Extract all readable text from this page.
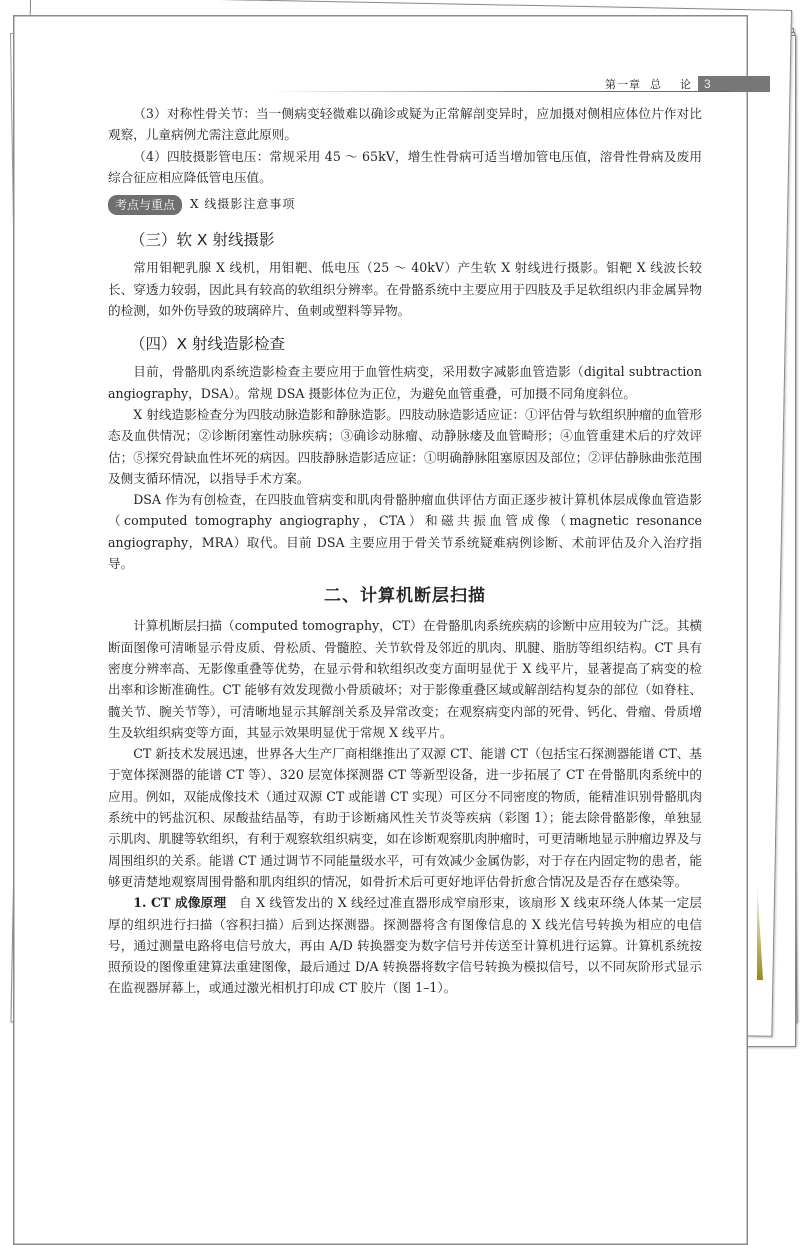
第一章  总    论	3

（3）对称性骨关节：当一侧病变轻微难以确诊或疑为正常解剖变异时，应加摄对侧相应体位片作对比观察，儿童病例尤需注意此原则。

（4）四肢摄影管电压：常规采用 45 ～ 65kV，增生性骨病可适当增加管电压值，溶骨性骨病及废用综合征应相应降低管电压值。

考点与重点	X 线摄影注意事项
（三）软 X 射线摄影

常用钼靶乳腺 X 线机，用钼靶、低电压（25 ～ 40kV）产生软 X 射线进行摄影。钼靶 X 线波长较长、穿透力较弱，因此具有较高的软组织分辨率。在骨骼系统中主要应用于四肢及手足软组织内非金属异物的检测，如外伤导致的玻璃碎片、鱼刺或塑料等异物。

（四）X 射线造影检查

目前，骨骼肌肉系统造影检查主要应用于血管性病变，采用数字减影血管造影（digital subtraction angiography，DSA）。常规 DSA 摄影体位为正位，为避免血管重叠，可加摄不同角度斜位。

X 射线造影检查分为四肢动脉造影和静脉造影。四肢动脉造影适应证：①评估骨与软组织肿瘤的血管形态及血供情况；②诊断闭塞性动脉疾病；③确诊动脉瘤、动静脉瘘及血管畸形；④血管重建术后的疗效评估；⑤探究骨缺血性坏死的病因。四肢静脉造影适应证：①明确静脉阻塞原因及部位；②评估静脉曲张范围及侧支循环情况，以指导手术方案。

DSA 作为有创检查，在四肢血管病变和肌肉骨骼肿瘤血供评估方面正逐步被计算机体层成像血管造影（computed tomography angiography，CTA）和磁共振血管成像（magnetic resonance angiography，MRA）取代。目前 DSA 主要应用于骨关节系统疑难病例诊断、术前评估及介入治疗指导。

二、计算机断层扫描

计算机断层扫描（computed tomography，CT）在骨骼肌肉系统疾病的诊断中应用较为广泛。其横断面图像可清晰显示骨皮质、骨松质、骨髓腔、关节软骨及邻近的肌肉、肌腱、脂肪等组织结构。CT 具有密度分辨率高、无影像重叠等优势，在显示骨和软组织改变方面明显优于 X 线平片，显著提高了病变的检出率和诊断准确性。CT 能够有效发现微小骨质破坏；对于影像重叠区域或解剖结构复杂的部位（如脊柱、髋关节、腕关节等），可清晰地显示其解剖关系及异常改变；在观察病变内部的死骨、钙化、骨瘤、骨质增生及软组织病变等方面，其显示效果明显优于常规 X 线平片。

CT 新技术发展迅速，世界各大生产厂商相继推出了双源 CT、能谱 CT（包括宝石探测器能谱 CT、基于宽体探测器的能谱 CT 等）、320 层宽体探测器 CT 等新型设备，进一步拓展了 CT 在骨骼肌肉系统中的应用。例如，双能成像技术（通过双源 CT 或能谱 CT 实现）可区分不同密度的物质，能精准识别骨骼肌肉系统中的钙盐沉积、尿酸盐结晶等，有助于诊断痛风性关节炎等疾病（彩图 1）；能去除骨骼影像，单独显示肌肉、肌腱等软组织，有利于观察软组织病变，如在诊断观察肌肉肿瘤时，可更清晰地显示肿瘤边界及与周围组织的关系。能谱 CT 通过调节不同能量级水平，可有效减少金属伪影，对于存在内固定物的患者，能够更清楚地观察周围骨骼和肌肉组织的情况，如骨折术后可更好地评估骨折愈合情况及是否存在感染等。

1. CT 成像原理 自 X 线管发出的 X 线经过准直器形成窄扇形束，该扇形 X 线束环绕人体某一定层厚的组织进行扫描（容积扫描）后到达探测器。探测器将含有图像信息的 X 线光信号转换为相应的电信号，通过测量电路将电信号放大，再由 A/D 转换器变为数字信号并传送至计算机进行运算。计算机系统按照预设的图像重建算法重建图像，最后通过 D/A 转换器将数字信号转换为模拟信号，以不同灰阶形式显示在监视器屏幕上，或通过激光相机打印成 CT 胶片（图 1–1）。
